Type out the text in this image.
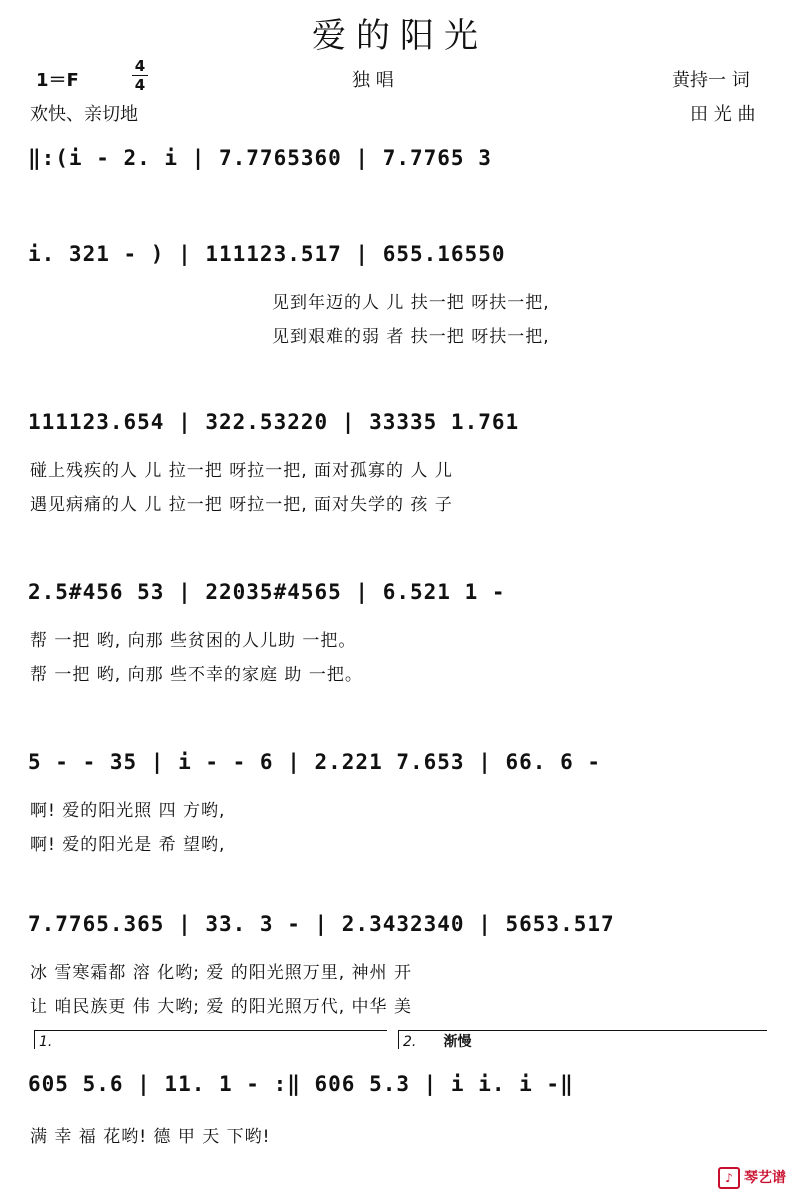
爱的阳光
1＝F
4
4	独 唱	黄持一 词
欢快、亲切地	田 光 曲
‖:(i - 2. i | 7.7765360 | 7.7765 3
i. 321 - ) | 111123.517 | 655.16550
见到年迈的人 儿 扶一把 呀扶一把,
见到艰难的弱 者 扶一把 呀扶一把,
111123.654 | 322.53220 | 33335 1.761
碰上残疾的人 儿 拉一把 呀拉一把, 面对孤寡的 人 儿
遇见病痛的人 儿 拉一把 呀拉一把, 面对失学的 孩 子
2.5#456 53 | 22035#4565 | 6.521 1 -
帮 一把 哟, 向那 些贫困的人儿助 一把。
帮 一把 哟, 向那 些不幸的家庭 助 一把。
5 - - 35 | i - - 6 | 2.221 7.653 | 66. 6 -
啊! 爱的阳光照 四 方哟,
啊! 爱的阳光是 希 望哟,
7.7765.365 | 33. 3 - | 2.3432340 | 5653.517
冰 雪寒霜都 溶 化哟; 爱 的阳光照万里, 神州 开
让 咱民族更 伟 大哟; 爱 的阳光照万代, 中华 美
1.	2. 渐慢
605 5.6 | 11. 1 - :‖ 606 5.3 | i i. i -‖
满 幸 福 花哟! 德 甲 天 下哟!
♪ 琴艺谱
